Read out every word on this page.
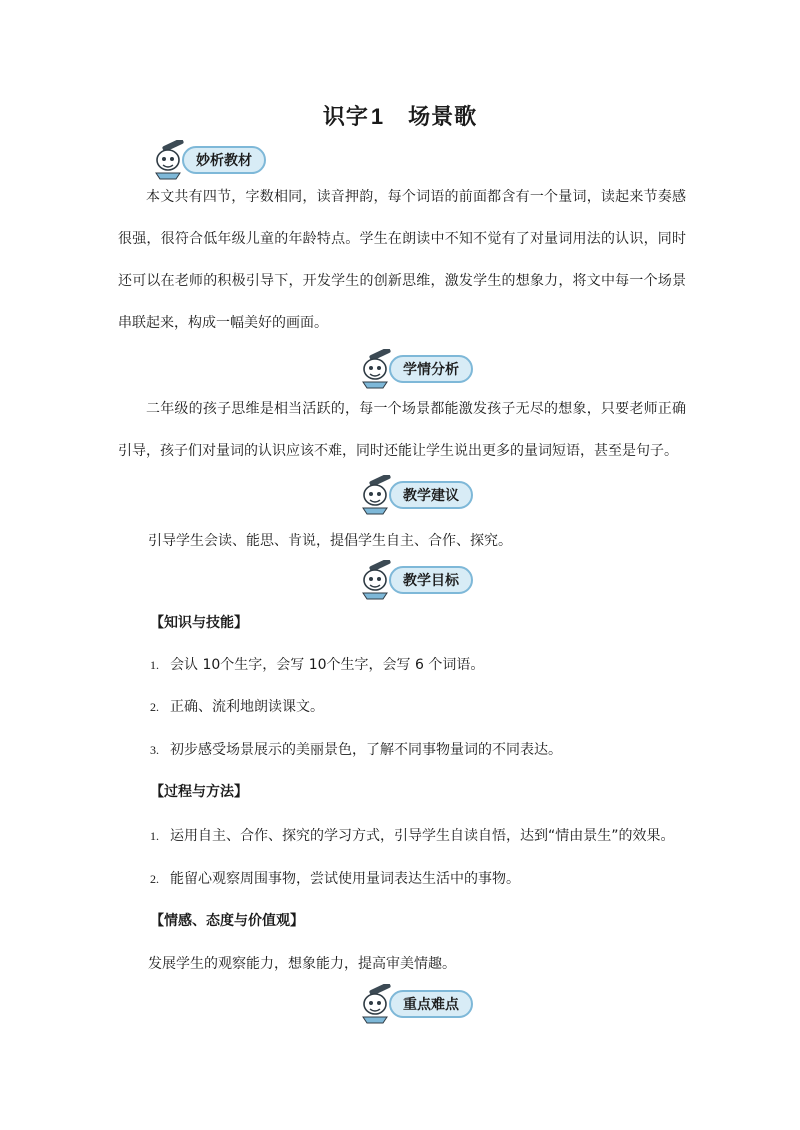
识字1 场景歌
妙析教材
本文共有四节，字数相同，读音押韵，每个词语的前面都含有一个量词，读起来节奏感很强，很符合低年级儿童的年龄特点。学生在朗读中不知不觉有了对量词用法的认识，同时 还可以在老师的积极引导下，开发学生的创新思维，激发学生的想象力，将文中每一个场景 串联起来，构成一幅美好的画面。
学情分析
二年级的孩子思维是相当活跃的，每一个场景都能激发孩子无尽的想象，只要老师正确引导，孩子们对量词的认识应该不难，同时还能让学生说出更多的量词短语，甚至是句子。
教学建议
引导学生会读、能思、肯说，提倡学生自主、合作、探究。
教学目标
【知识与技能】
1. 会认 10个生字，会写 10个生字，会写 6 个词语。
2. 正确、流利地朗读课文。
3. 初步感受场景展示的美丽景色，了解不同事物量词的不同表达。
【过程与方法】
1. 运用自主、合作、探究的学习方式，引导学生自读自悟，达到“情由景生”的效果。
2. 能留心观察周围事物，尝试使用量词表达生活中的事物。
【情感、态度与价值观】
发展学生的观察能力，想象能力，提高审美情趣。
重点难点
